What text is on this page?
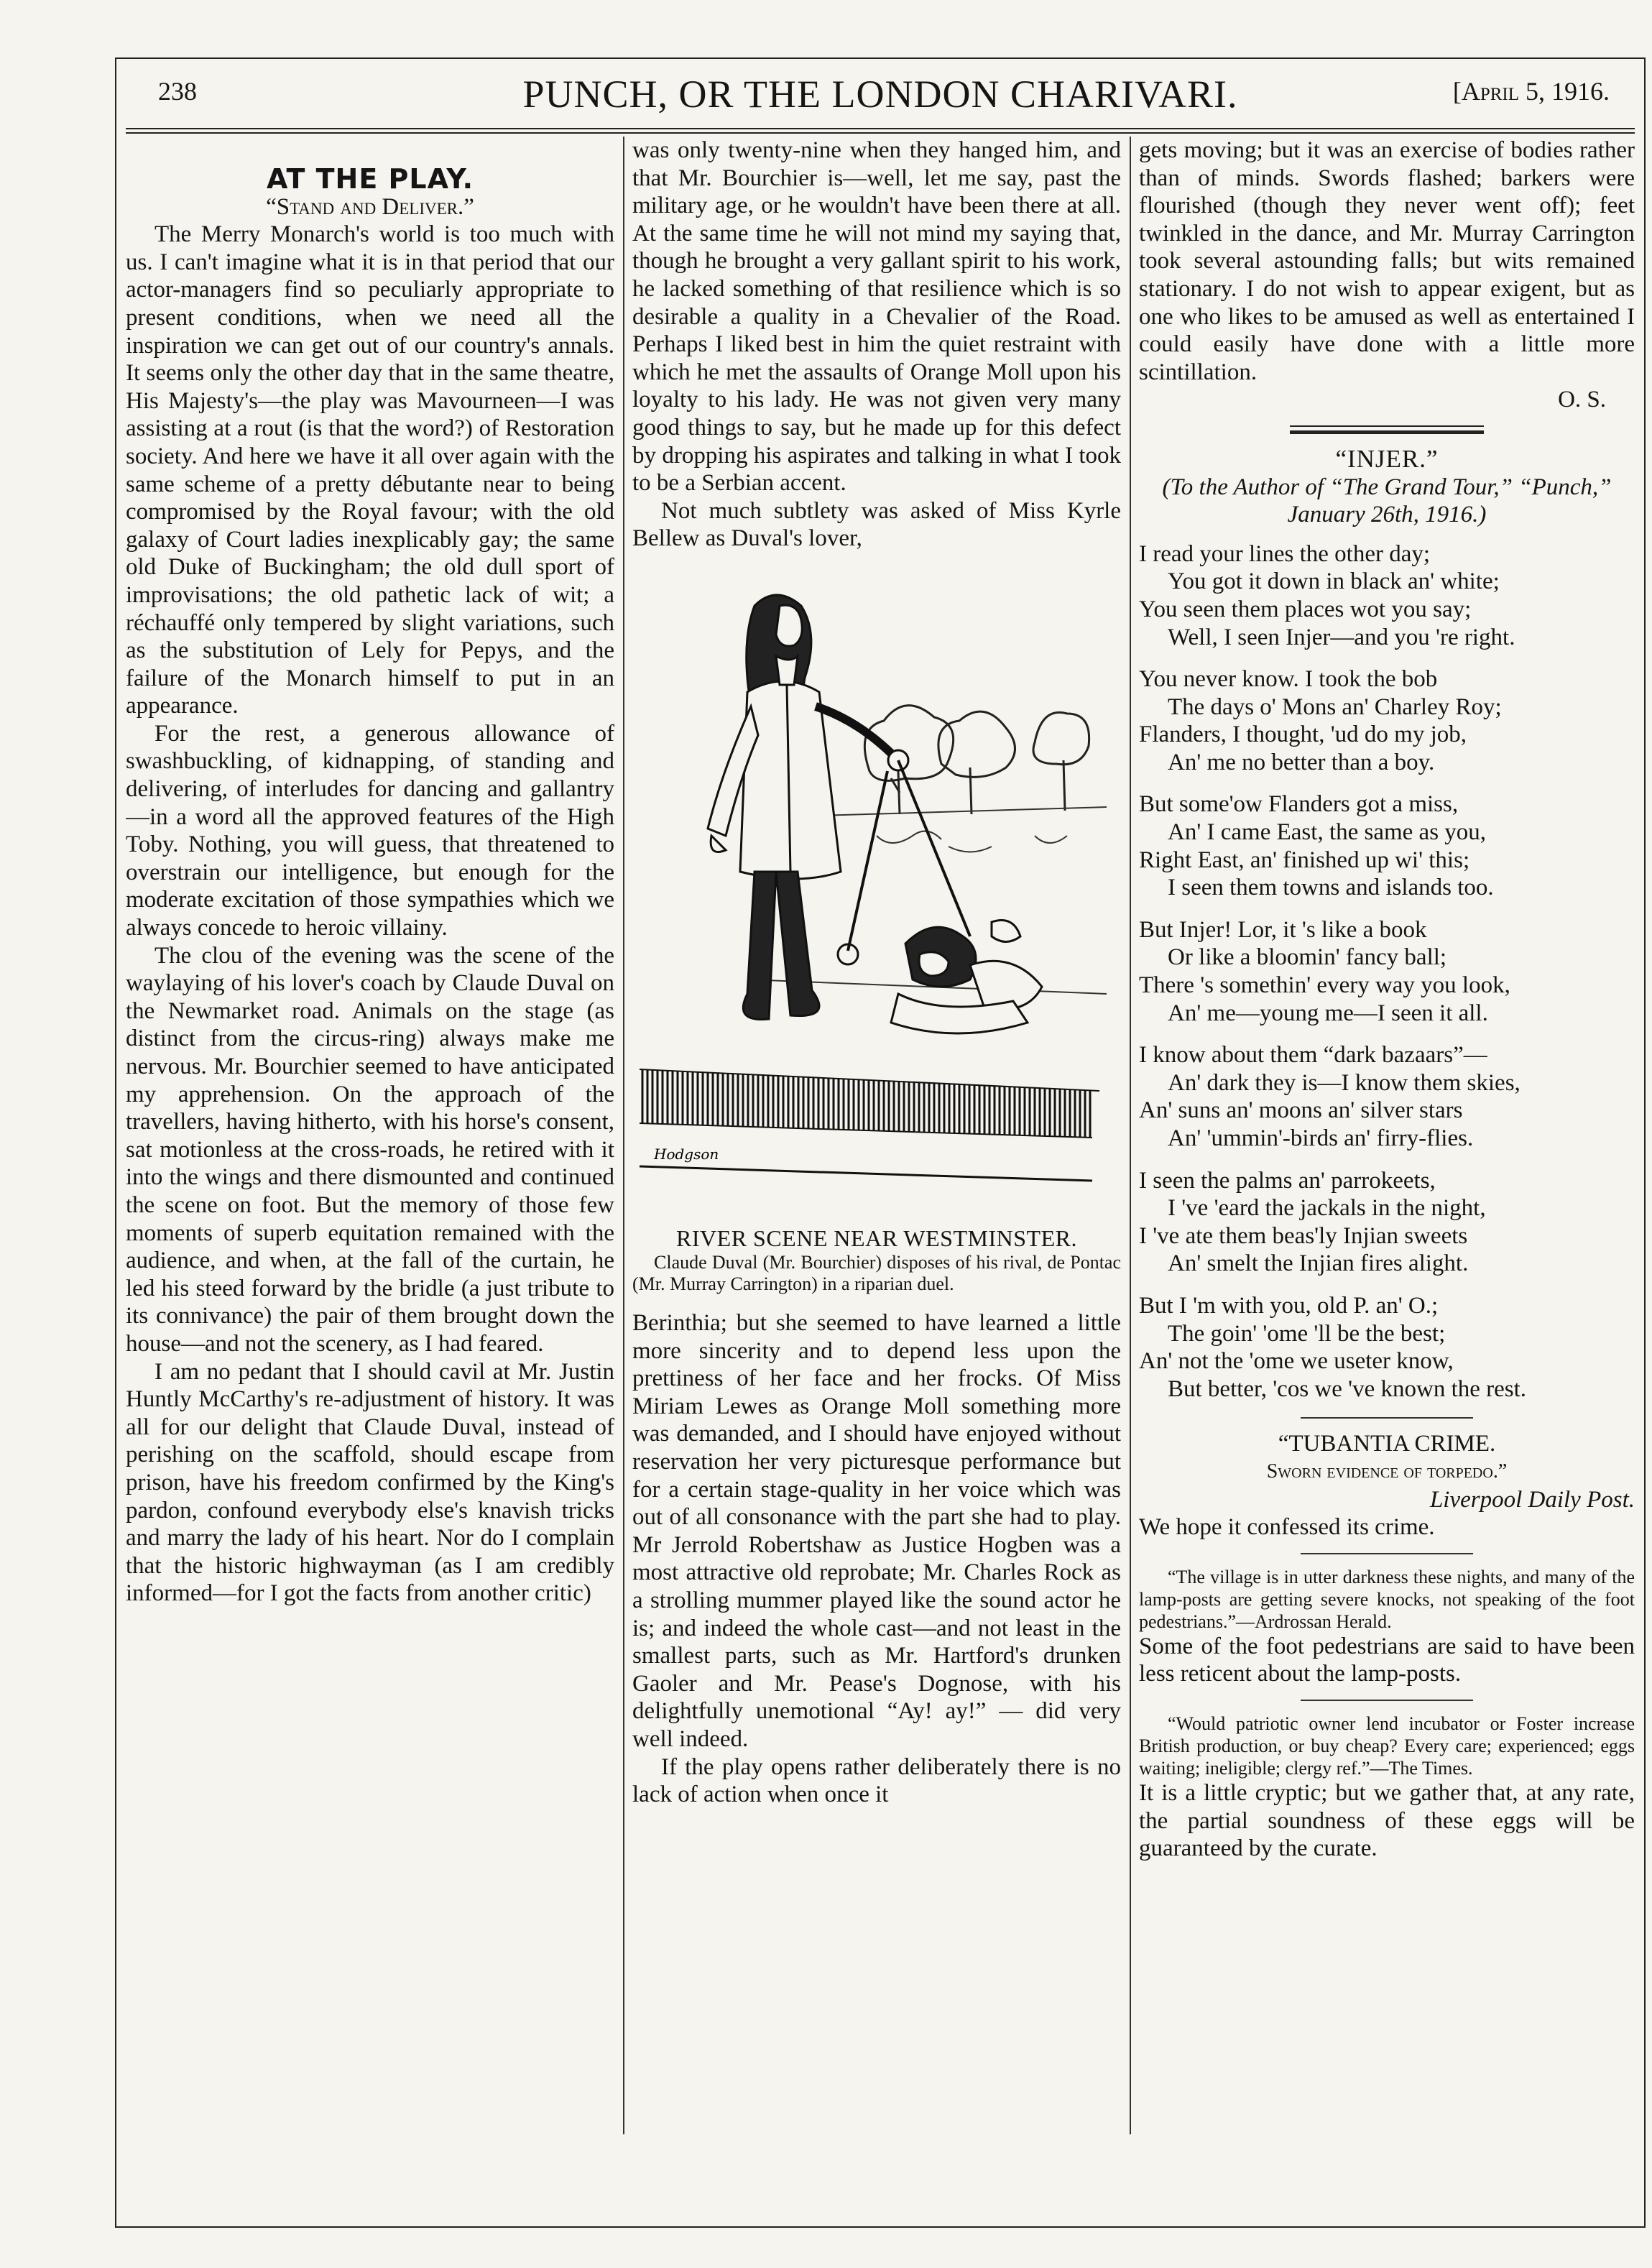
238	PUNCH, OR THE LONDON CHARIVARI.	[April 5, 1916.
AT THE PLAY.
“Stand and Deliver.”

The Merry Monarch's world is too much with us. I can't imagine what it is in that period that our actor-managers find so peculiarly appropriate to present conditions, when we need all the inspiration we can get out of our country's annals. It seems only the other day that in the same theatre, His Majesty's—the play was Mavourneen—I was assisting at a rout (is that the word?) of Restoration society. And here we have it all over again with the same scheme of a pretty débutante near to being compromised by the Royal favour; with the old galaxy of Court ladies inexplicably gay; the same old Duke of Buckingham; the old dull sport of improvisations; the old pathetic lack of wit; a réchauffé only tempered by slight variations, such as the substitution of Lely for Pepys, and the failure of the Monarch himself to put in an appearance.

For the rest, a generous allowance of swashbuckling, of kidnapping, of standing and delivering, of interludes for dancing and gallantry—in a word all the approved features of the High Toby. Nothing, you will guess, that threatened to overstrain our intelligence, but enough for the moderate excitation of those sympathies which we always concede to heroic villainy.

The clou of the evening was the scene of the waylaying of his lover's coach by Claude Duval on the Newmarket road. Animals on the stage (as distinct from the circus-ring) always make me nervous. Mr. Bourchier seemed to have anticipated my apprehension. On the approach of the travellers, having hitherto, with his horse's consent, sat motionless at the cross-roads, he retired with it into the wings and there dismounted and continued the scene on foot. But the memory of those few moments of superb equitation remained with the audience, and when, at the fall of the curtain, he led his steed forward by the bridle (a just tribute to its connivance) the pair of them brought down the house—and not the scenery, as I had feared.

I am no pedant that I should cavil at Mr. Justin Huntly McCarthy's re-adjustment of history. It was all for our delight that Claude Duval, instead of perishing on the scaffold, should escape from prison, have his freedom confirmed by the King's pardon, confound everybody else's knavish tricks and marry the lady of his heart. Nor do I complain that the historic highwayman (as I am credibly informed—for I got the facts from another critic)

was only twenty-nine when they hanged him, and that Mr. Bourchier is—well, let me say, past the military age, or he wouldn't have been there at all. At the same time he will not mind my saying that, though he brought a very gallant spirit to his work, he lacked something of that resilience which is so desirable a quality in a Chevalier of the Road. Perhaps I liked best in him the quiet restraint with which he met the assaults of Orange Moll upon his loyalty to his lady. He was not given very many good things to say, but he made up for this defect by dropping his aspirates and talking in what I took to be a Serbian accent.

Not much subtlety was asked of Miss Kyrle Bellew as Duval's lover,

Hodgson
RIVER SCENE NEAR WESTMINSTER.
Claude Duval (Mr. Bourchier) disposes of his rival, de Pontac (Mr. Murray Carrington) in a riparian duel.

Berinthia; but she seemed to have learned a little more sincerity and to depend less upon the prettiness of her face and her frocks. Of Miss Miriam Lewes as Orange Moll something more was demanded, and I should have enjoyed without reservation her very picturesque performance but for a certain stage-quality in her voice which was out of all consonance with the part she had to play. Mr Jerrold Robertshaw as Justice Hogben was a most attractive old reprobate; Mr. Charles Rock as a strolling mummer played like the sound actor he is; and indeed the whole cast—and not least in the smallest parts, such as Mr. Hartford's drunken Gaoler and Mr. Pease's Dognose, with his delightfully unemotional “Ay! ay!” — did very well indeed.

If the play opens rather deliberately there is no lack of action when once it

gets moving; but it was an exercise of bodies rather than of minds. Swords flashed; barkers were flourished (though they never went off); feet twinkled in the dance, and Mr. Murray Carrington took several astounding falls; but wits remained stationary. I do not wish to appear exigent, but as one who likes to be amused as well as entertained I could easily have done with a little more scintillation.

O. S.
“INJER.”
(To the Author of “The Grand Tour,” “Punch,” January 26th, 1916.)
I read your lines the other day;
You got it down in black an' white;
You seen them places wot you say;
Well, I seen Injer—and you 're right.
You never know. I took the bob
The days o' Mons an' Charley Roy;
Flanders, I thought, 'ud do my job,
An' me no better than a boy.
But some'ow Flanders got a miss,
An' I came East, the same as you,
Right East, an' finished up wi' this;
I seen them towns and islands too.
But Injer! Lor, it 's like a book
Or like a bloomin' fancy ball;
There 's somethin' every way you look,
An' me—young me—I seen it all.
I know about them “dark bazaars”—
An' dark they is—I know them skies,
An' suns an' moons an' silver stars
An' 'ummin'-birds an' firry-flies.
I seen the palms an' parrokeets,
I 've 'eard the jackals in the night,
I 've ate them beas'ly Injian sweets
An' smelt the Injian fires alight.
But I 'm with you, old P. an' O.;
The goin' 'ome 'll be the best;
An' not the 'ome we useter know,
But better, 'cos we 've known the rest.
“TUBANTIA CRIME.
Sworn evidence of torpedo.”
Liverpool Daily Post.

We hope it confessed its crime.

“The village is in utter darkness these nights, and many of the lamp-posts are getting severe knocks, not speaking of the foot pedestrians.”—Ardrossan Herald.

Some of the foot pedestrians are said to have been less reticent about the lamp-posts.

“Would patriotic owner lend incubator or Foster increase British production, or buy cheap? Every care; experienced; eggs waiting; ineligible; clergy ref.”—The Times.

It is a little cryptic; but we gather that, at any rate, the partial soundness of these eggs will be guaranteed by the curate.
